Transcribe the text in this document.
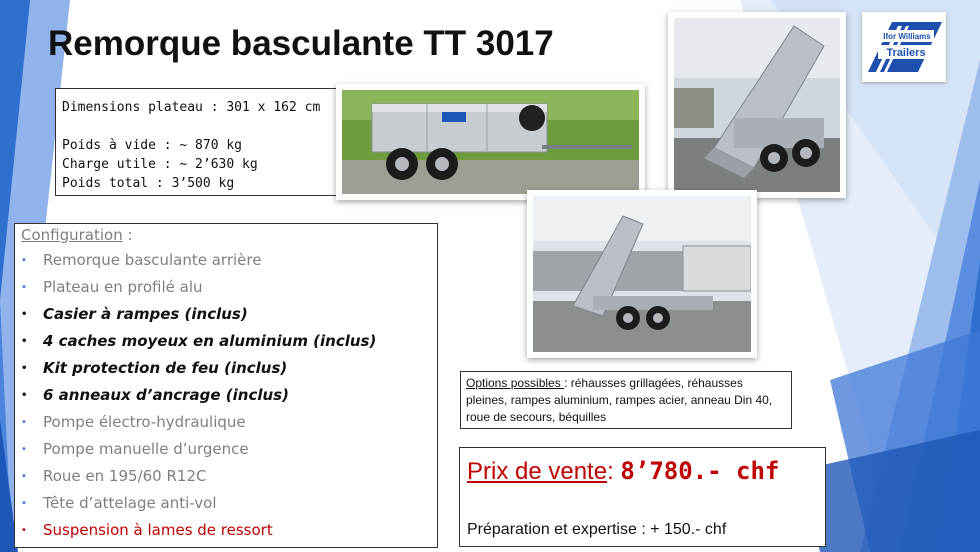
Remorque basculante TT 3017
Dimensions plateau : 301 x 162 cm
Poids à vide : ~ 870 kg
Charge utile : ~ 2’630 kg
Poids total : 3’500 kg
Ifor Williams
Trailers
Configuration :
• Remorque basculante arrière
• Plateau en profilé alu
• Casier à rampes (inclus)
• 4 caches moyeux en aluminium (inclus)
• Kit protection de feu (inclus)
• 6 anneaux d’ancrage (inclus)
• Pompe électro-hydraulique
• Pompe manuelle d’urgence
• Roue en 195/60 R12C
• Tête d’attelage anti-vol
• Suspension à lames de ressort
Options possibles : réhausses grillagées, réhausses pleines, rampes aluminium, rampes acier, anneau Din 40, roue de secours, béquilles
Prix de vente: 8’780.- chf
Préparation et expertise : + 150.- chf
